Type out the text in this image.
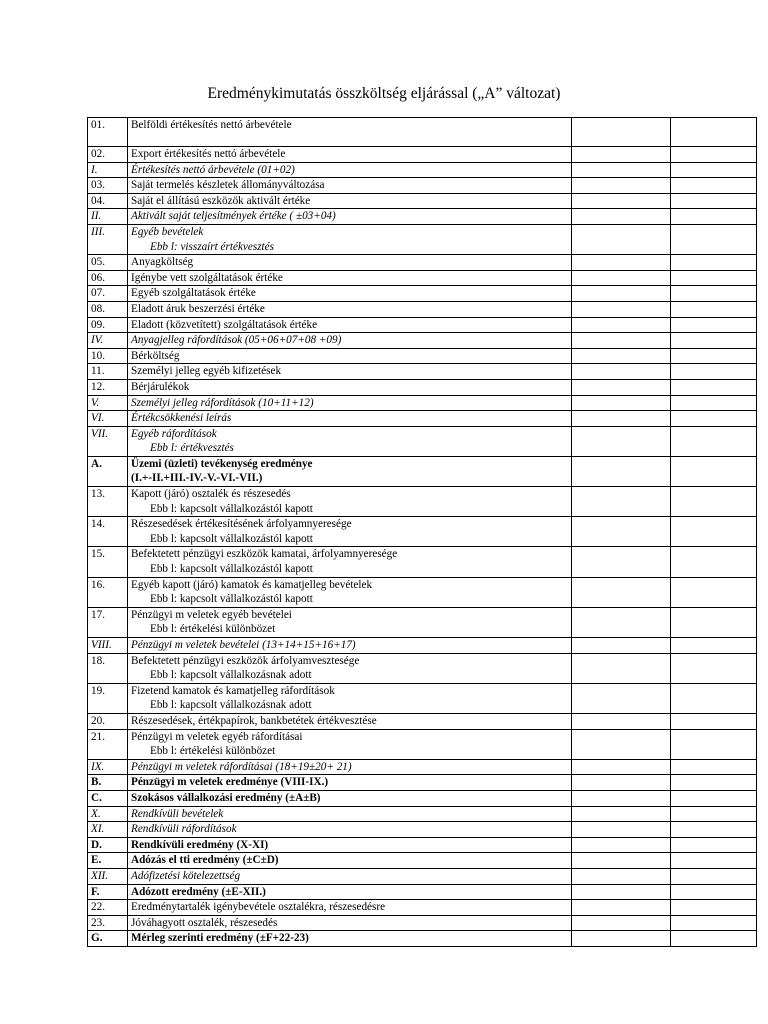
Eredménykimutatás összköltség eljárással („A” változat)
01.	Belföldi értékesítés nettó árbevétele		
02.	Export értékesítés nettó árbevétele		
I.	Értékesítés nettó árbevétele (01+02)		
03.	Saját termelés készletek állományváltozása		
04.	Saját el állítású eszközök aktivált értéke		
II.	Aktivált saját teljesítmények értéke ( ±03+04)		
III.	Egyéb bevételek
Ebb l: visszaírt értékvesztés		

05.	Anyagköltség		
06.	Igénybe vett szolgáltatások értéke		
07.	Egyéb szolgáltatások értéke		
08.	Eladott áruk beszerzési értéke		
09.	Eladott (közvetített) szolgáltatások értéke		
IV.	Anyagjelleg ráfordítások (05+06+07+08 +09)		
10.	Bérköltség		
11.	Személyi jelleg egyéb kifizetések		
12.	Bérjárulékok		
V.	Személyi jelleg ráfordítások (10+11+12)		
VI.	Értékcsökkenési leírás		
VII.	Egyéb ráfordítások
Ebb l: értékvesztés		

A.	Üzemi (üzleti) tevékenység eredménye
(I.+-II.+III.-IV.-V.-VI.-VII.)		

13.	Kapott (járó) osztalék és részesedés
Ebb l: kapcsolt vállalkozástól kapott		

14.	Részesedések értékesítésének árfolyamnyeresége
Ebb l: kapcsolt vállalkozástól kapott		

15.	Befektetett pénzügyi eszközök kamatai, árfolyamnyeresége
Ebb l: kapcsolt vállalkozástól kapott		

16.	Egyéb kapott (járó) kamatok és kamatjelleg bevételek
Ebb l: kapcsolt vállalkozástól kapott		

17.	Pénzügyi m veletek egyéb bevételei
Ebb l: értékelési különbözet		

VIII.	Pénzügyi m veletek bevételei (13+14+15+16+17)		
18.	Befektetett pénzügyi eszközök árfolyamveszteségе
Ebb l: kapcsolt vállalkozásnak adott		

19.	Fizetend kamatok és kamatjelleg ráfordítások
Ebb l: kapcsolt vállalkozásnak adott		

20.	Részesedések, értékpapírok, bankbetétek értékvesztése		
21.	Pénzügyi m veletek egyéb ráfordításai
Ebb l: értékelési különbözet		

IX.	Pénzügyi m veletek ráfordításai (18+19±20+ 21)		
B.	Pénzügyi m veletek eredménye (VIII-IX.)		
C.	Szokásos vállalkozási eredmény (±A±B)		
X.	Rendkívüli bevételek		
XI.	Rendkívüli ráfordítások		
D.	Rendkívüli eredmény (X-XI)		
E.	Adózás el tti eredmény (±C±D)		
XII.	Adófizetési kötelezettség		
F.	Adózott eredmény (±E-XII.)		
22.	Eredménytartalék igénybevétele osztalékra, részesedésre		
23.	Jóváhagyott osztalék, részesedés		
G.	Mérleg szerinti eredmény (±F+22-23)		
